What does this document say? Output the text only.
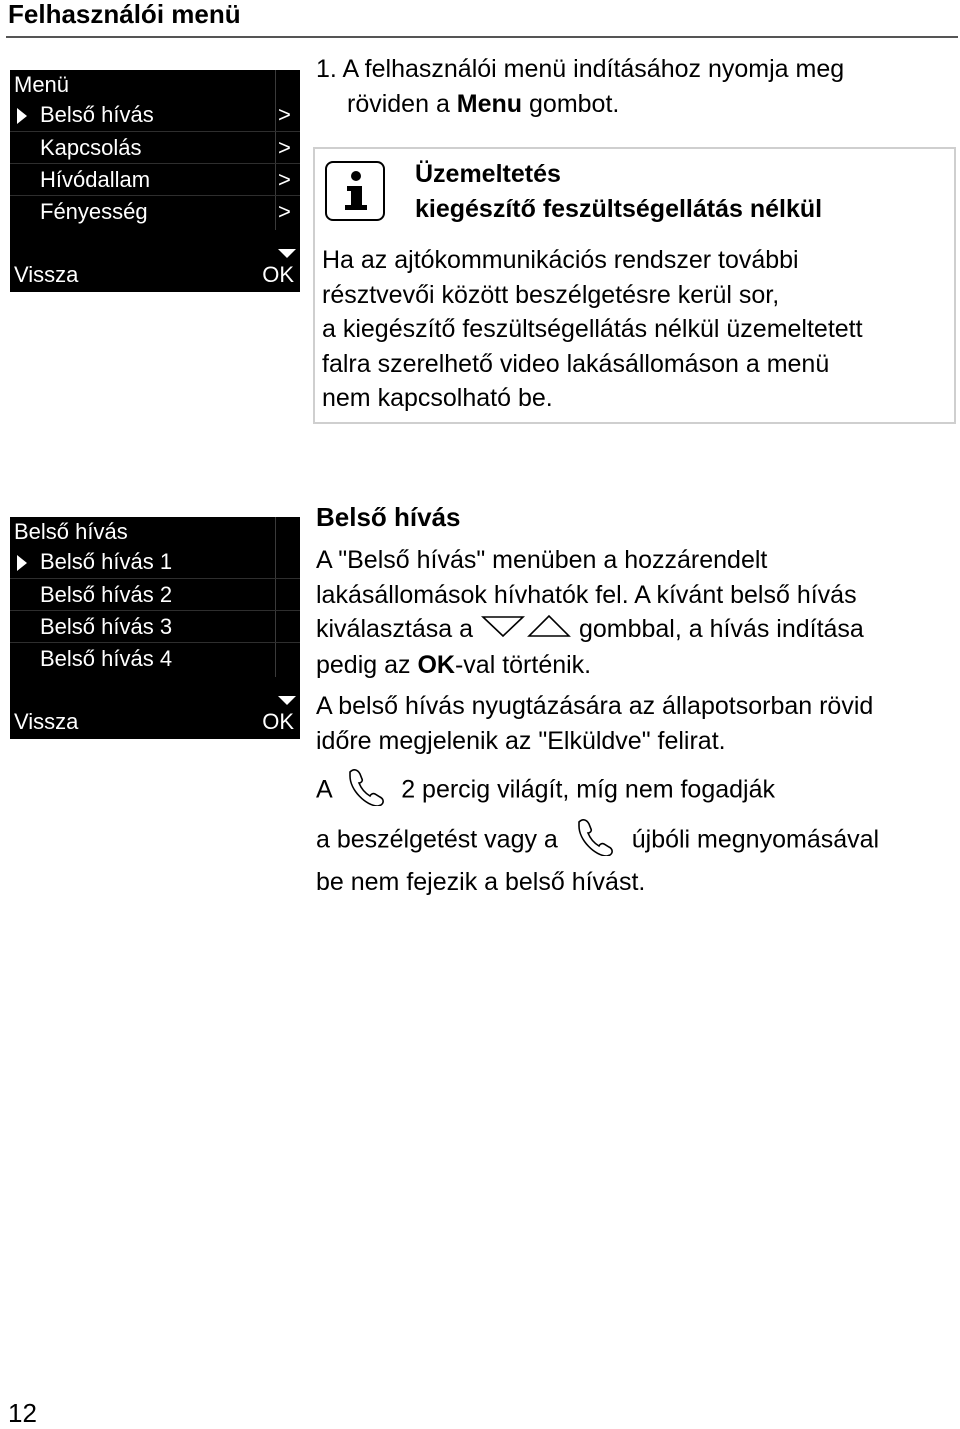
Felhasználói menü
Menü
Belső hívás	>
Kapcsolás	>
Hívódallam	>
Fényesség	>
Vissza	OK
1. A felhasználói menü indításához nyomja meg
röviden a Menu gombot.
Üzemeltetés
kiegészítő feszültségellátás nélkül
Ha az ajtókommunikációs rendszer további
résztvevői között beszélgetésre kerül sor,
a kiegészítő feszültségellátás nélkül üzemeltetett
falra szerelhető video lakásállomáson a menü
nem kapcsolható be.
Belső hívás
Belső hívás 1
Belső hívás 2
Belső hívás 3
Belső hívás 4
Vissza	OK
Belső hívás
A "Belső hívás" menüben a hozzárendelt
lakásállomások hívhatók fel. A kívánt belső hívás
kiválasztása a	gombbal, a hívás indítása
pedig az OK-val történik.
A belső hívás nyugtázására az állapotsorban rövid
időre megjelenik az "Elküldve" felirat.
A	2 percig világít, míg nem fogadják
a beszélgetést vagy a	újbóli megnyomásával
be nem fejezik a belső hívást.
12
